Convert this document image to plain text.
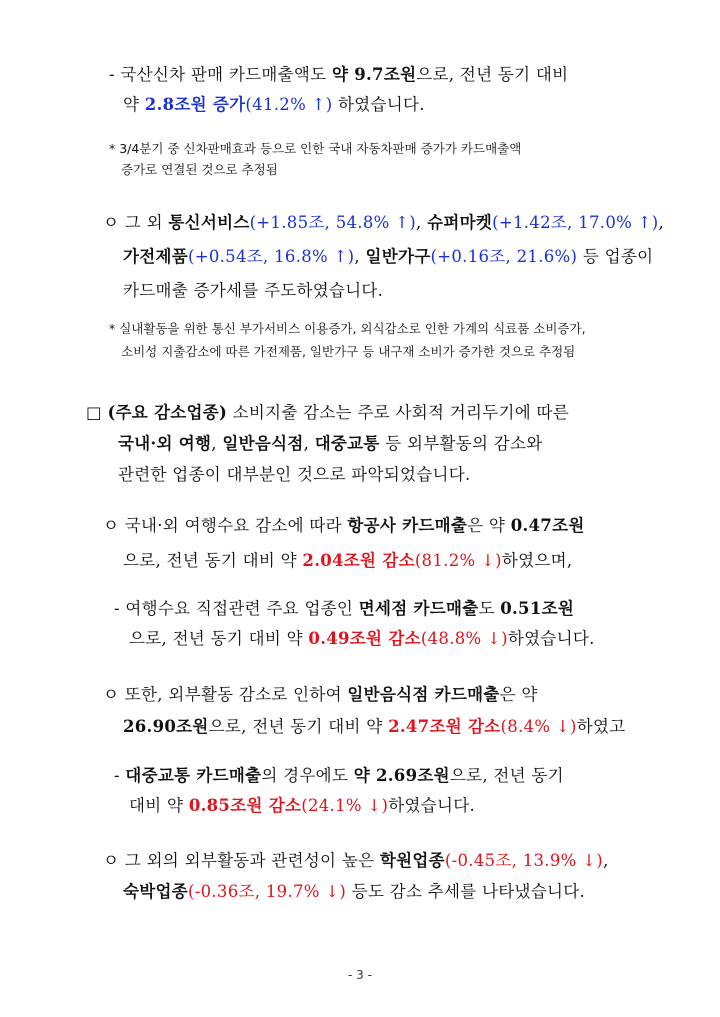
- 국산신차 판매 카드매출액도 약 9.7조원으로, 전년 동기 대비
약 2.8조원 증가(41.2% ↑) 하였습니다.
* 3/4분기 중 신차판매효과 등으로 인한 국내 자동차판매 증가가 카드매출액
증가로 연결된 것으로 추정됨
ㅇ 그 외 통신서비스(+1.85조, 54.8% ↑), 슈퍼마켓(+1.42조, 17.0% ↑),
가전제품(+0.54조, 16.8% ↑), 일반가구(+0.16조, 21.6%) 등 업종이
카드매출 증가세를 주도하였습니다.
* 실내활동을 위한 통신 부가서비스 이용증가, 외식감소로 인한 가계의 식료품 소비증가,
소비성 지출감소에 따른 가전제품, 일반가구 등 내구재 소비가 증가한 것으로 추정됨
□ (주요 감소업종) 소비지출 감소는 주로 사회적 거리두기에 따른
국내·외 여행, 일반음식점, 대중교통 등 외부활동의 감소와
관련한 업종이 대부분인 것으로 파악되었습니다.
ㅇ 국내·외 여행수요 감소에 따라 항공사 카드매출은 약 0.47조원
으로, 전년 동기 대비 약 2.04조원 감소(81.2% ↓)하였으며,
- 여행수요 직접관련 주요 업종인 면세점 카드매출도 0.51조원
으로, 전년 동기 대비 약 0.49조원 감소(48.8% ↓)하였습니다.
ㅇ 또한, 외부활동 감소로 인하여 일반음식점 카드매출은 약
26.90조원으로, 전년 동기 대비 약 2.47조원 감소(8.4% ↓)하였고
- 대중교통 카드매출의 경우에도 약 2.69조원으로, 전년 동기
대비 약 0.85조원 감소(24.1% ↓)하였습니다.
ㅇ 그 외의 외부활동과 관련성이 높은 학원업종(-0.45조, 13.9% ↓),
숙박업종(-0.36조, 19.7% ↓) 등도 감소 추세를 나타냈습니다.
- 3 -
